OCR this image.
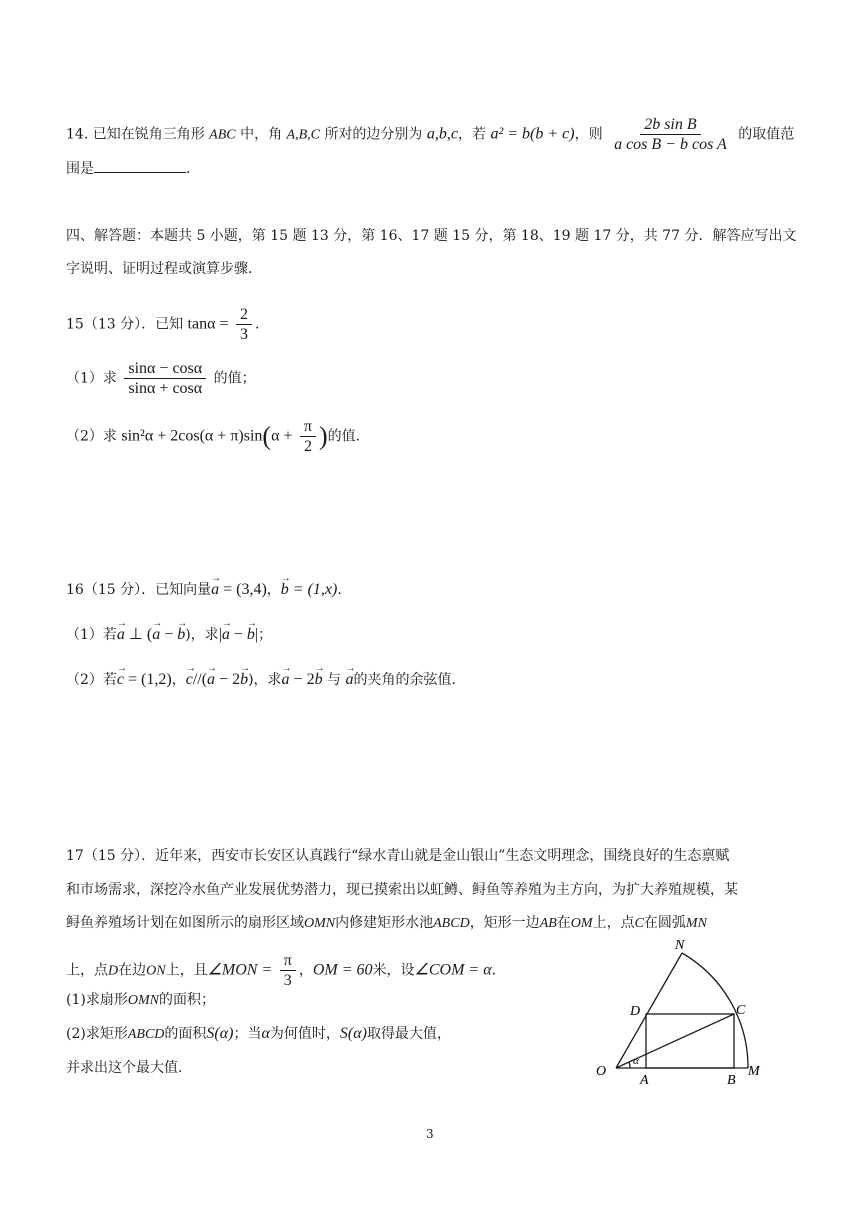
14. 已知在锐角三角形 ABC 中，角 A,B,C 所对的边分别为 a,b,c，若 a² = b(b + c)，则 $\frac{\text{2b sin B}}{\text{a cos B − b cos A}}$ 的取值范
围是	.
四、解答题：本题共 5 小题，第 15 题 13 分，第 16、17 题 15 分，第 18、19 题 17 分，共 77 分．解答应写出文
字说明、证明过程或演算步骤．
15（13 分）．已知 $\tan\alpha = \frac{2}{3}$ .
（1）求 $\frac{\sin\alpha - \cos\alpha}{\sin\alpha + \cos\alpha}$ 的值；
（2）求 $\sin^2\alpha + 2\cos(\alpha + \pi)\sin(\alpha + \frac{\pi}{2}$ )的值.
16（15 分）．已知向量→ a = (3,4)，→ b = (1,x).
（1）若→ a ⊥ (→ a − → b)，求|→ a − → b|；
（2）若→ c = (1,2)，→ c//(→ a − 2→ b)，求→ a − 2→ b 与 → a的夹角的余弦值.
17（15 分）．近年来，西安市长安区认真践行“绿水青山就是金山银山”生态文明理念，围绕良好的生态禀赋
和市场需求，深挖冷水鱼产业发展优势潜力，现已摸索出以虹鳟、鲟鱼等养殖为主方向，为扩大养殖规模，某
鲟鱼养殖场计划在如图所示的扇形区域OMN内修建矩形水池ABCD，矩形一边AB在OM上，点C在圆弧MN
上，点D在边ON上，且∠MON = $\frac{\pi}{3}$ ，OM = 60米，设∠COM = α.
(1)求扇形OMN的面积；
(2)求矩形ABCD的面积S(α)；当α为何值时，S(α)取得最大值，
并求出这个最大值.
N
D	C
O
A	B
M
α
3
